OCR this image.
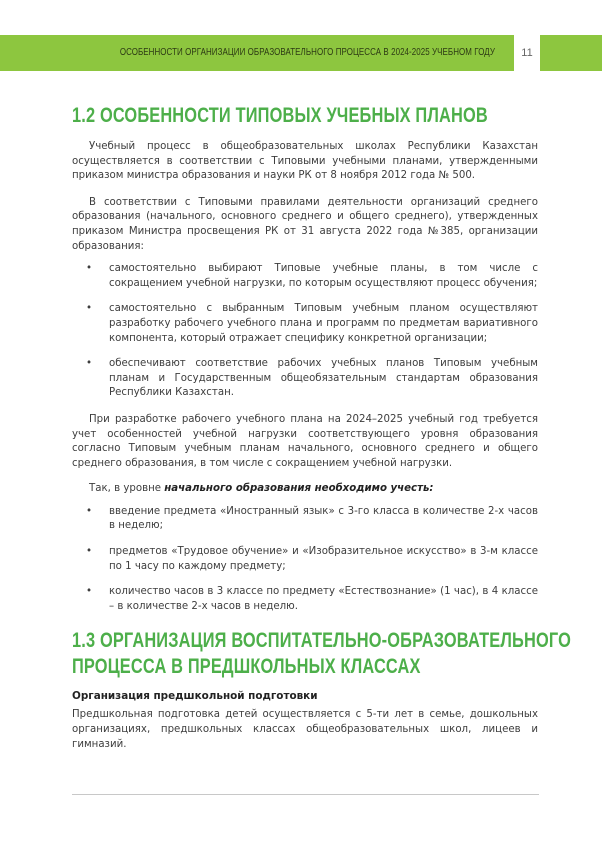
ОСОБЕННОСТИ ОРГАНИЗАЦИИ ОБРАЗОВАТЕЛЬНОГО ПРОЦЕССА В 2024-2025 УЧЕБНОМ ГОДУ	11
1.2 ОСОБЕННОСТИ ТИПОВЫХ УЧЕБНЫХ ПЛАНОВ

Учебный процесс в общеобразовательных школах Республики Казахстан осуществляется в соответствии с Типовыми учебными планами, утвержденными приказом министра образования и науки РК от 8 ноября 2012 года № 500.

В соответствии с Типовыми правилами деятельности организаций среднего образования (начального, основного среднего и общего среднего), утвержденных приказом Министра просвещения РК от 31 августа 2022 года №385, организации образования:

• самостоятельно выбирают Типовые учебные планы, в том числе с сокращением учебной нагрузки, по которым осуществляют процесс обучения;
• самостоятельно с выбранным Типовым учебным планом осуществляют разработку рабочего учебного плана и программ по предметам вариативного компонента, который отражает специфику конкретной организации;
• обеспечивают соответствие рабочих учебных планов Типовым учебным планам и Государственным общеобязательным стандартам образования Республики Казахстан.

При разработке рабочего учебного плана на 2024–2025 учебный год требуется учет особенностей учебной нагрузки соответствующего уровня образования согласно Типовым учебным планам начального, основного среднего и общего среднего образования, в том числе с сокращением учебной нагрузки.

Так, в уровне начального образования необходимо учесть:

• введение предмета «Иностранный язык» с 3-го класса в количестве 2-х часов в неделю;
• предметов «Трудовое обучение» и «Изобразительное искусство» в 3-м классе по 1 часу по каждому предмету;
• количество часов в 3 классе по предмету «Естествознание» (1 час), в 4 классе – в количестве 2-х часов в неделю.
1.3 ОРГАНИЗАЦИЯ ВОСПИТАТЕЛЬНО-ОБРАЗОВАТЕЛЬНОГО
ПРОЦЕССА В ПРЕДШКОЛЬНЫХ КЛАССАХ

Организация предшкольной подготовки

Предшкольная подготовка детей осуществляется с 5-ти лет в семье, дошкольных организациях, предшкольных классах общеобразовательных школ, лицеев и гимназий.
